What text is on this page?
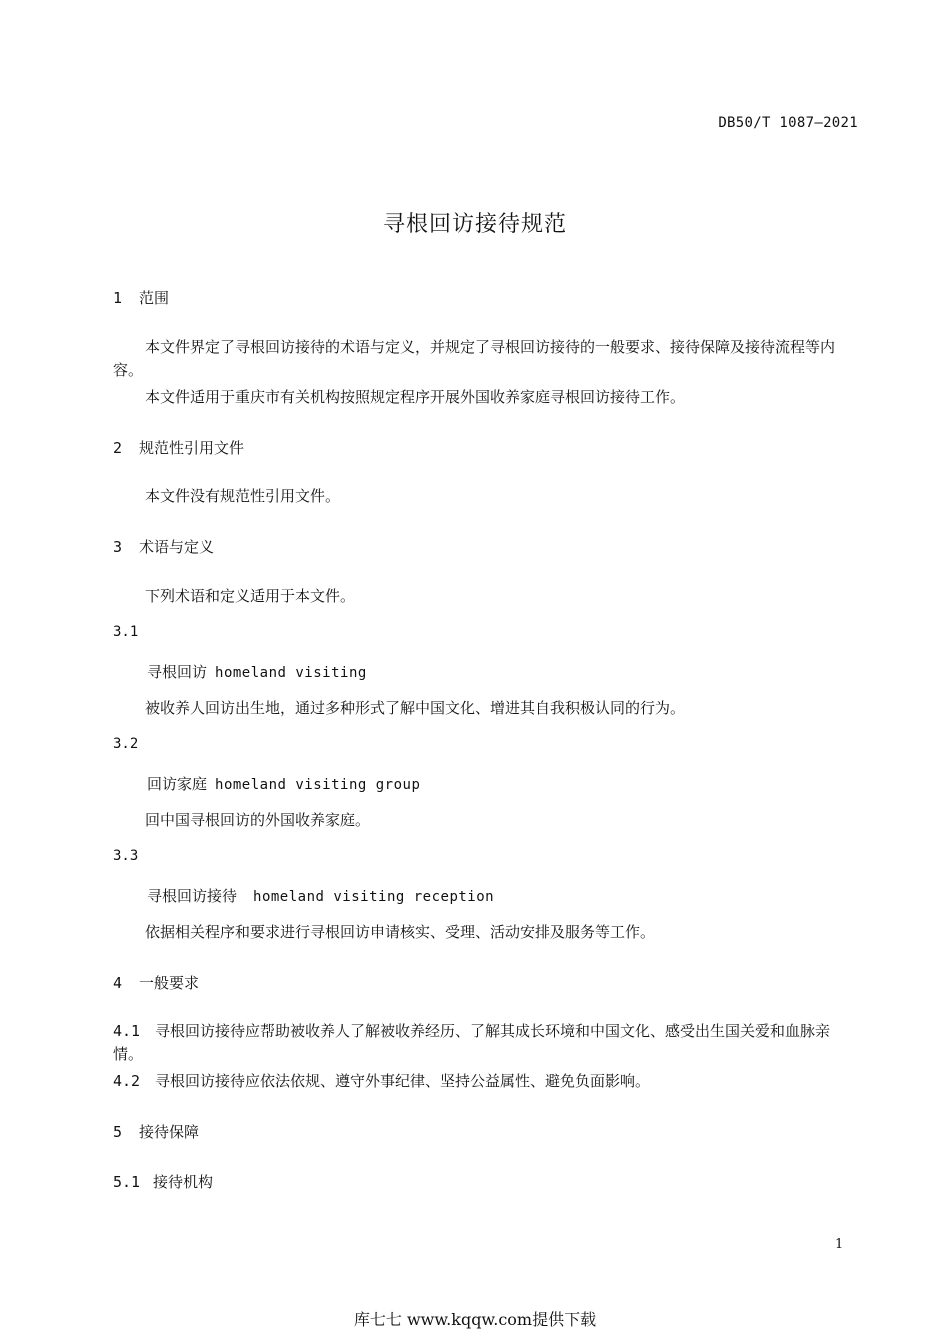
DB50/T 1087—2021
寻根回访接待规范
1 范围
本文件界定了寻根回访接待的术语与定义，并规定了寻根回访接待的一般要求、接待保障及接待流程等内容。
本文件适用于重庆市有关机构按照规定程序开展外国收养家庭寻根回访接待工作。
2 规范性引用文件
本文件没有规范性引用文件。
3 术语与定义
下列术语和定义适用于本文件。
3.1
寻根回访 homeland visiting
被收养人回访出生地，通过多种形式了解中国文化、增进其自我积极认同的行为。
3.2
回访家庭 homeland visiting group
回中国寻根回访的外国收养家庭。
3.3
寻根回访接待 homeland visiting reception
依据相关程序和要求进行寻根回访申请核实、受理、活动安排及服务等工作。
4 一般要求
4.1 寻根回访接待应帮助被收养人了解被收养经历、了解其成长环境和中国文化、感受出生国关爱和血脉亲情。
4.2 寻根回访接待应依法依规、遵守外事纪律、坚持公益属性、避免负面影响。
5 接待保障
5.1 接待机构
1
库七七 www.kqqw.com提供下载
